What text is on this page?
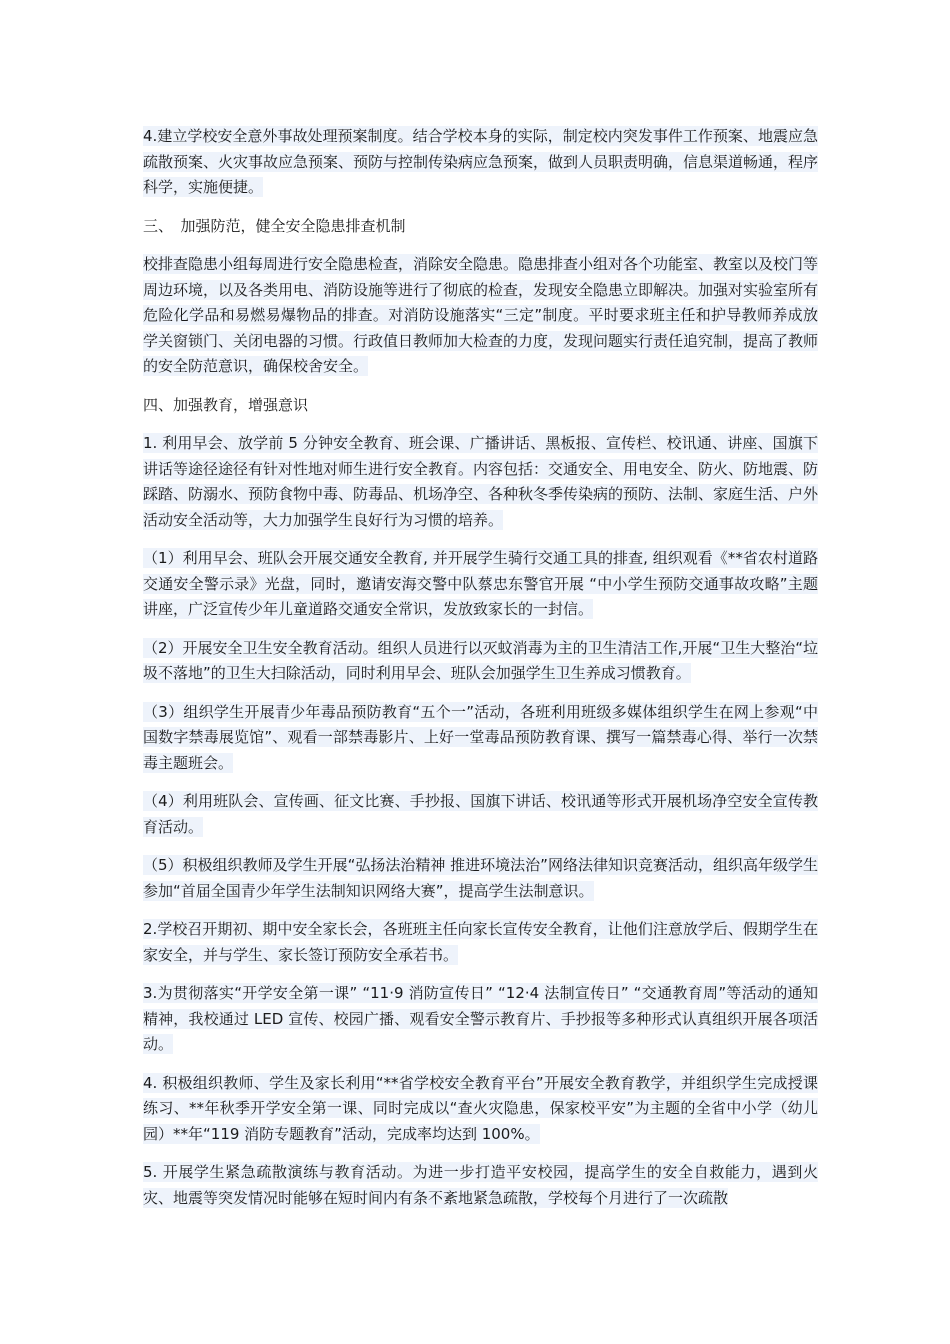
4.建立学校安全意外事故处理预案制度。结合学校本身的实际，制定校内突发事件工作预案、地震应急疏散预案、火灾事故应急预案、预防与控制传染病应急预案，做到人员职责明确，信息渠道畅通，程序科学，实施便捷。

三、　加强防范，健全安全隐患排查机制

校排查隐患小组每周进行安全隐患检查，消除安全隐患。隐患排查小组对各个功能室、教室以及校门等周边环境，以及各类用电、消防设施等进行了彻底的检查，发现安全隐患立即解决。加强对实验室所有危险化学品和易燃易爆物品的排查。对消防设施落实“三定”制度。平时要求班主任和护导教师养成放学关窗锁门、关闭电器的习惯。行政值日教师加大检查的力度，发现问题实行责任追究制，提高了教师的安全防范意识，确保校舍安全。

四、加强教育，增强意识

1. 利用早会、放学前 5 分钟安全教育、班会课、广播讲话、黑板报、宣传栏、校讯通、讲座、国旗下讲话等途径途径有针对性地对师生进行安全教育。内容包括：交通安全、用电安全、防火、防地震、防踩踏、防溺水、预防食物中毒、防毒品、机场净空、各种秋冬季传染病的预防、法制、家庭生活、户外活动安全活动等，大力加强学生良好行为习惯的培养。

（1）利用早会、班队会开展交通安全教育, 并开展学生骑行交通工具的排查, 组织观看《**省农村道路交通安全警示录》光盘，同时，邀请安海交警中队蔡忠东警官开展 “中小学生预防交通事故攻略”主题讲座，广泛宣传少年儿童道路交通安全常识，发放致家长的一封信。

（2）开展安全卫生安全教育活动。组织人员进行以灭蚊消毒为主的卫生清洁工作,开展“卫生大整治“垃圾不落地”的卫生大扫除活动，同时利用早会、班队会加强学生卫生养成习惯教育。

（3）组织学生开展青少年毒品预防教育“五个一”活动，各班利用班级多媒体组织学生在网上参观“中国数字禁毒展览馆”、观看一部禁毒影片、上好一堂毒品预防教育课、撰写一篇禁毒心得、举行一次禁毒主题班会。

（4）利用班队会、宣传画、征文比赛、手抄报、国旗下讲话、校讯通等形式开展机场净空安全宣传教育活动。

（5）积极组织教师及学生开展“弘扬法治精神 推进环境法治”网络法律知识竞赛活动，组织高年级学生参加“首届全国青少年学生法制知识网络大赛”，提高学生法制意识。

2.学校召开期初、期中安全家长会，各班班主任向家长宣传安全教育，让他们注意放学后、假期学生在家安全，并与学生、家长签订预防安全承若书。

3.为贯彻落实“开学安全第一课” “11·9 消防宣传日” “12·4 法制宣传日” “交通教育周”等活动的通知精神，我校通过 LED 宣传、校园广播、观看安全警示教育片、手抄报等多种形式认真组织开展各项活动。

4. 积极组织教师、学生及家长利用“**省学校安全教育平台”开展安全教育教学，并组织学生完成授课练习、**年秋季开学安全第一课、同时完成以“查火灾隐患，保家校平安”为主题的全省中小学（幼儿园）**年“119 消防专题教育”活动，完成率均达到 100%。

5. 开展学生紧急疏散演练与教育活动。为进一步打造平安校园，提高学生的安全自救能力，遇到火灾、地震等突发情况时能够在短时间内有条不紊地紧急疏散，学校每个月进行了一次疏散
